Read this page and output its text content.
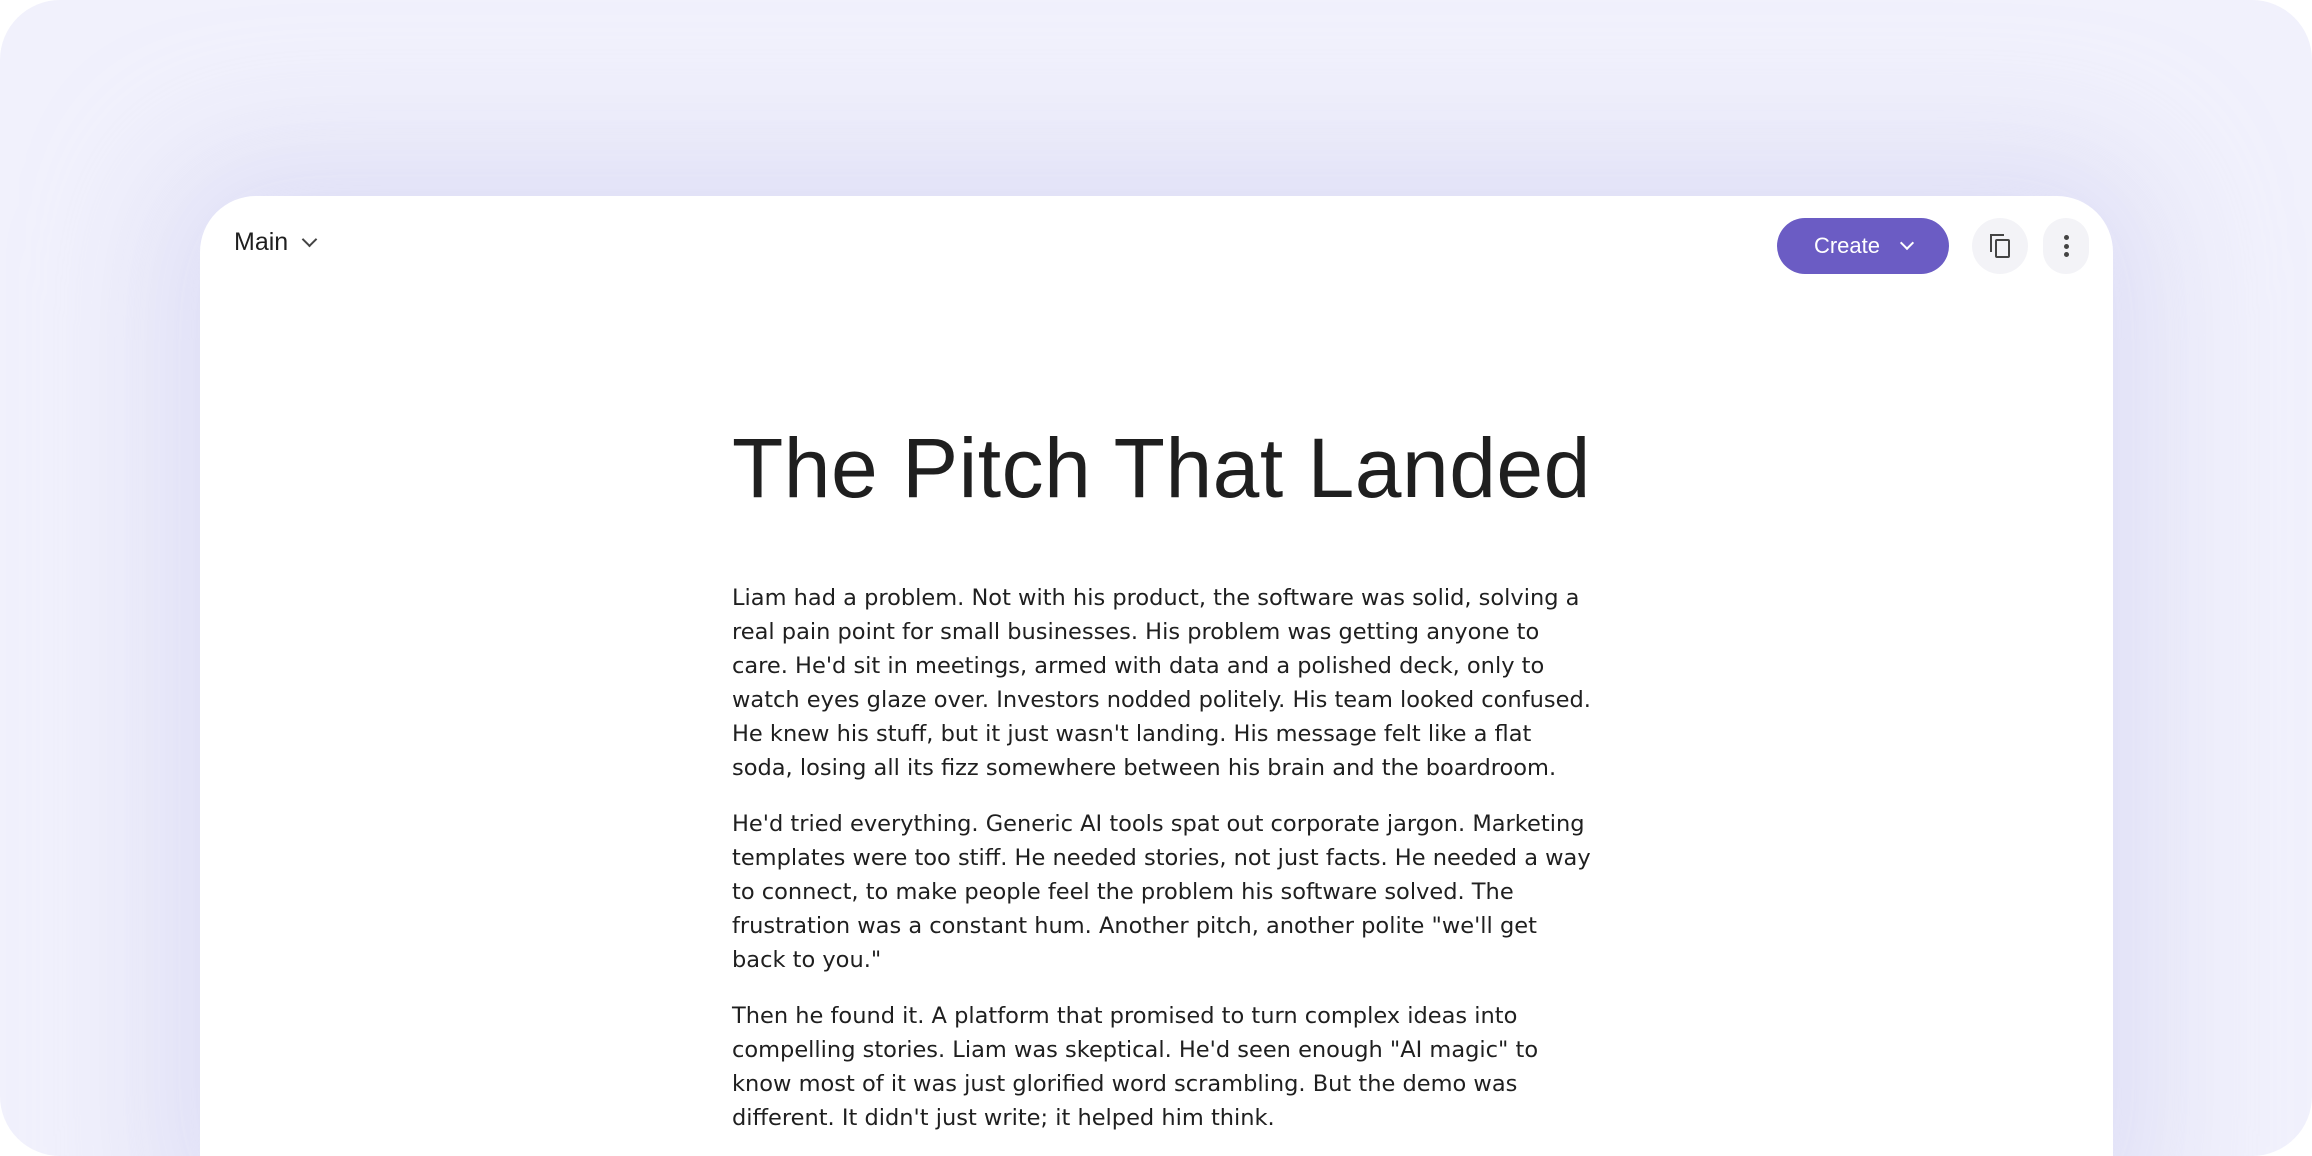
Main	Create
The Pitch That Landed

Liam had a problem. Not with his product, the software was solid, solving a real pain point for small businesses. His problem was getting anyone to care. He'd sit in meetings, armed with data and a polished deck, only to watch eyes glaze over. Investors nodded politely. His team looked confused. He knew his stuff, but it just wasn't landing. His message felt like a flat soda, losing all its fizz somewhere between his brain and the boardroom.

He'd tried everything. Generic AI tools spat out corporate jargon. Marketing templates were too stiff. He needed stories, not just facts. He needed a way to connect, to make people feel the problem his software solved. The frustration was a constant hum. Another pitch, another polite "we'll get back to you."

Then he found it. A platform that promised to turn complex ideas into compelling stories. Liam was skeptical. He'd seen enough "AI magic" to know most of it was just glorified word scrambling. But the demo was different. It didn't just write; it helped him think.
